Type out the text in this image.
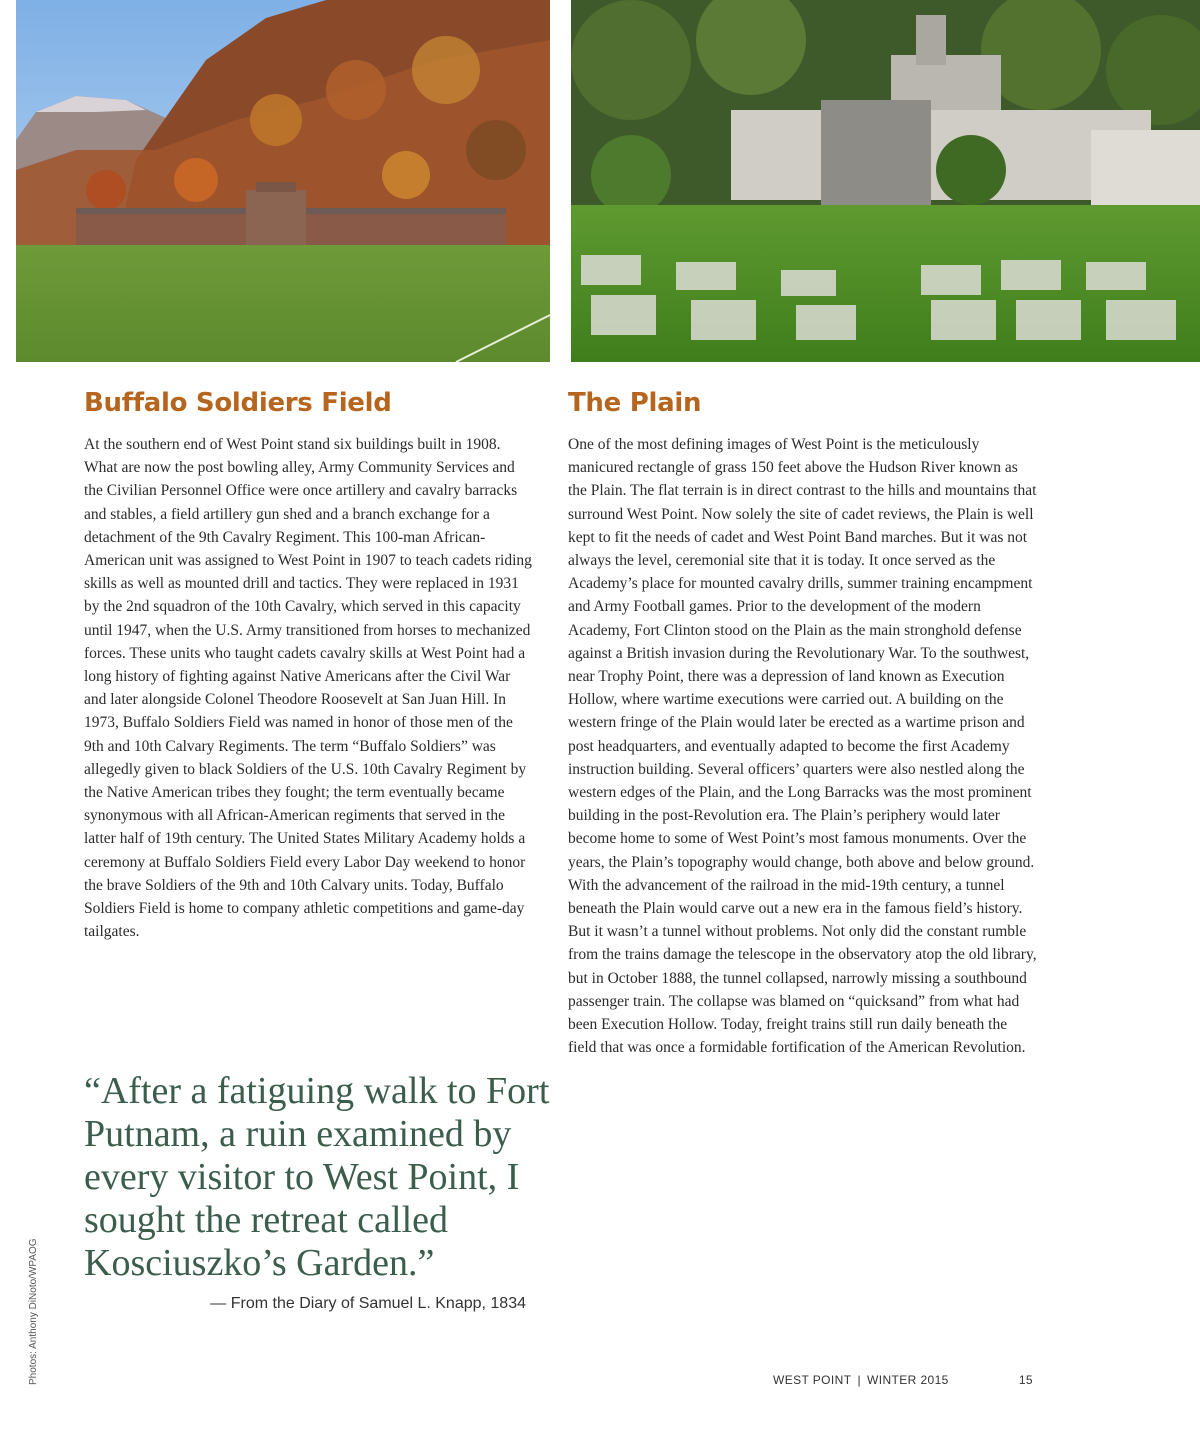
Buffalo Soldiers Field

At the southern end of West Point stand six buildings built in 1908. What are now the post bowling alley, Army Community Services and the Civilian Personnel Office were once artillery and cavalry barracks and stables, a field artillery gun shed and a branch exchange for a detachment of the 9th Cavalry Regiment. This 100-man African-American unit was assigned to West Point in 1907 to teach cadets riding skills as well as mounted drill and tactics. They were replaced in 1931 by the 2nd squadron of the 10th Cavalry, which served in this capacity until 1947, when the U.S. Army transitioned from horses to mechanized forces. These units who taught cadets cavalry skills at West Point had a long history of fighting against Native Americans after the Civil War and later alongside Colonel Theodore Roosevelt at San Juan Hill. In 1973, Buffalo Soldiers Field was named in honor of those men of the 9th and 10th Calvary Regiments. The term “Buffalo Soldiers” was allegedly given to black Soldiers of the U.S. 10th Cavalry Regiment by the Native American tribes they fought; the term eventually became synonymous with all African-American regiments that served in the latter half of 19th century. The United States Military Academy holds a ceremony at Buffalo Soldiers Field every Labor Day weekend to honor the brave Soldiers of the 9th and 10th Calvary units. Today, Buffalo Soldiers Field is home to company athletic competitions and game-day tailgates.

The Plain

One of the most defining images of West Point is the meticulously manicured rectangle of grass 150 feet above the Hudson River known as the Plain. The flat terrain is in direct contrast to the hills and mountains that surround West Point. Now solely the site of cadet reviews, the Plain is well kept to fit the needs of cadet and West Point Band marches. But it was not always the level, ceremonial site that it is today. It once served as the Academy’s place for mounted cavalry drills, summer training encampment and Army Football games. Prior to the development of the modern Academy, Fort Clinton stood on the Plain as the main stronghold defense against a British invasion during the Revolutionary War. To the southwest, near Trophy Point, there was a depression of land known as Execution Hollow, where wartime executions were carried out. A building on the western fringe of the Plain would later be erected as a wartime prison and post headquarters, and eventually adapted to become the first Academy instruction building. Several officers’ quarters were also nestled along the western edges of the Plain, and the Long Barracks was the most prominent building in the post-Revolution era. The Plain’s periphery would later become home to some of West Point’s most famous monuments. Over the years, the Plain’s topography would change, both above and below ground.

With the advancement of the railroad in the mid-19th century, a tunnel beneath the Plain would carve out a new era in the famous field’s history. But it wasn’t a tunnel without problems. Not only did the constant rumble from the trains damage the telescope in the observatory atop the old library, but in October 1888, the tunnel collapsed, narrowly missing a southbound passenger train. The collapse was blamed on “quicksand” from what had been Execution Hollow. Today, freight trains still run daily beneath the field that was once a formidable fortification of the American Revolution.

“After a fatiguing walk to Fort Putnam, a ruin examined by every visitor to West Point, I sought the retreat called Kosciuszko’s Garden.”
— From the Diary of Samuel L. Knapp, 1834
Photos: Anthony DiNoto/WPAOG	WEST POINT | WINTER 2015	15
